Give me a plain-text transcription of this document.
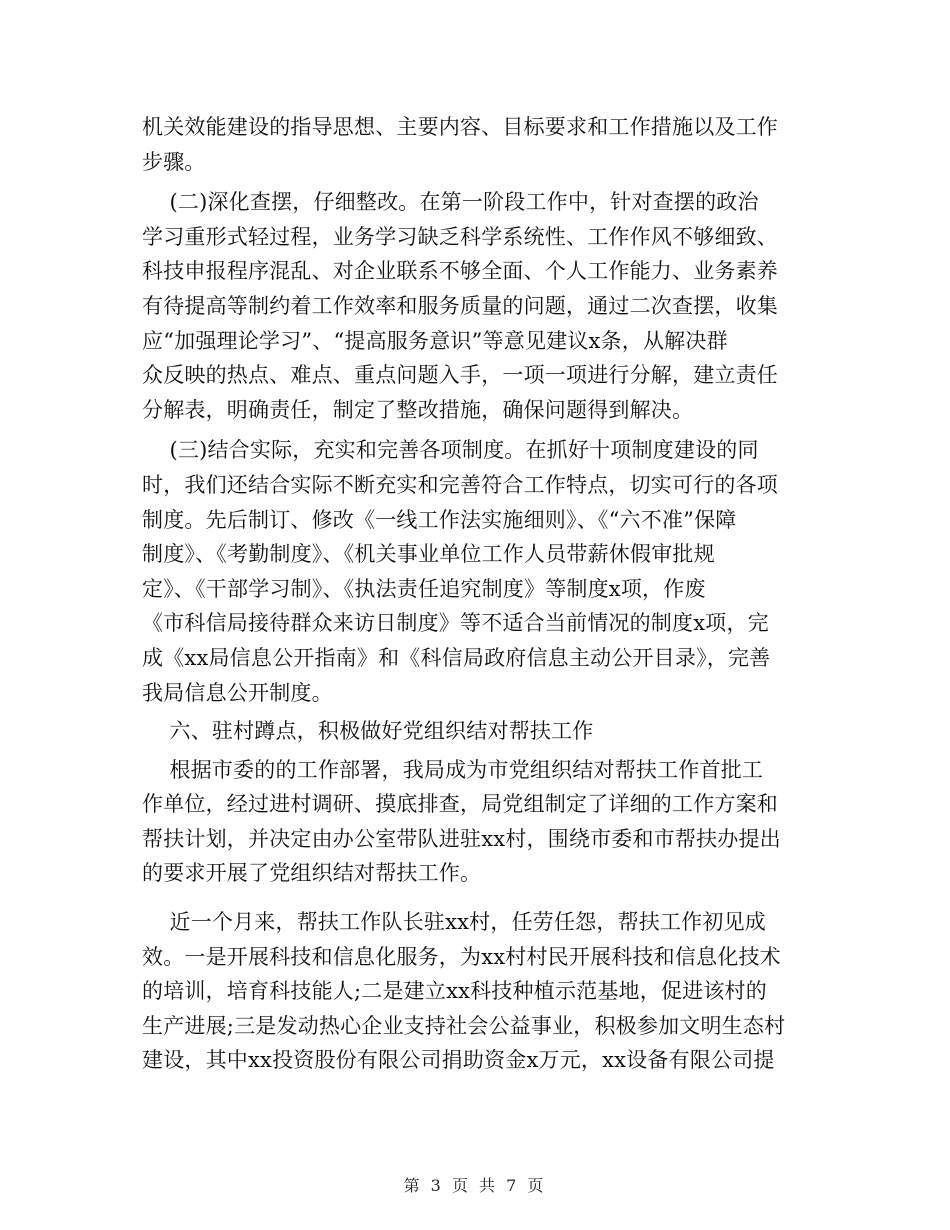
机关效能建设的指导思想、主要内容、目标要求和工作措施以及工作
步骤。

(二)深化查摆，仔细整改。在第一阶段工作中，针对查摆的政治
学习重形式轻过程，业务学习缺乏科学系统性、工作作风不够细致、
科技申报程序混乱、对企业联系不够全面、个人工作能力、业务素养
有待提高等制约着工作效率和服务质量的问题，通过二次查摆，收集
应“加强理论学习”、“提高服务意识”等意见建议x条，从解决群
众反映的热点、难点、重点问题入手，一项一项进行分解，建立责任
分解表，明确责任，制定了整改措施，确保问题得到解决。

(三)结合实际，充实和完善各项制度。在抓好十项制度建设的同
时，我们还结合实际不断充实和完善符合工作特点，切实可行的各项
制度。先后制订、修改《一线工作法实施细则》、《“六不准”保障
制度》、《考勤制度》、《机关事业单位工作人员带薪休假审批规
定》、《干部学习制》、《执法责任追究制度》等制度x项，作废
《市科信局接待群众来访日制度》等不适合当前情况的制度x项，完
成《xx局信息公开指南》和《科信局政府信息主动公开目录》，完善
我局信息公开制度。

六、驻村蹲点，积极做好党组织结对帮扶工作

根据市委的的工作部署，我局成为市党组织结对帮扶工作首批工
作单位，经过进村调研、摸底排查，局党组制定了详细的工作方案和
帮扶计划，并决定由办公室带队进驻xx村，围绕市委和市帮扶办提出
的要求开展了党组织结对帮扶工作。

近一个月来，帮扶工作队长驻xx村，任劳任怨，帮扶工作初见成
效。一是开展科技和信息化服务，为xx村村民开展科技和信息化技术
的培训，培育科技能人;二是建立xx科技种植示范基地，促进该村的
生产进展;三是发动热心企业支持社会公益事业，积极参加文明生态村
建设，其中xx投资股份有限公司捐助资金x万元，xx设备有限公司提

第 3 页 共 7 页
